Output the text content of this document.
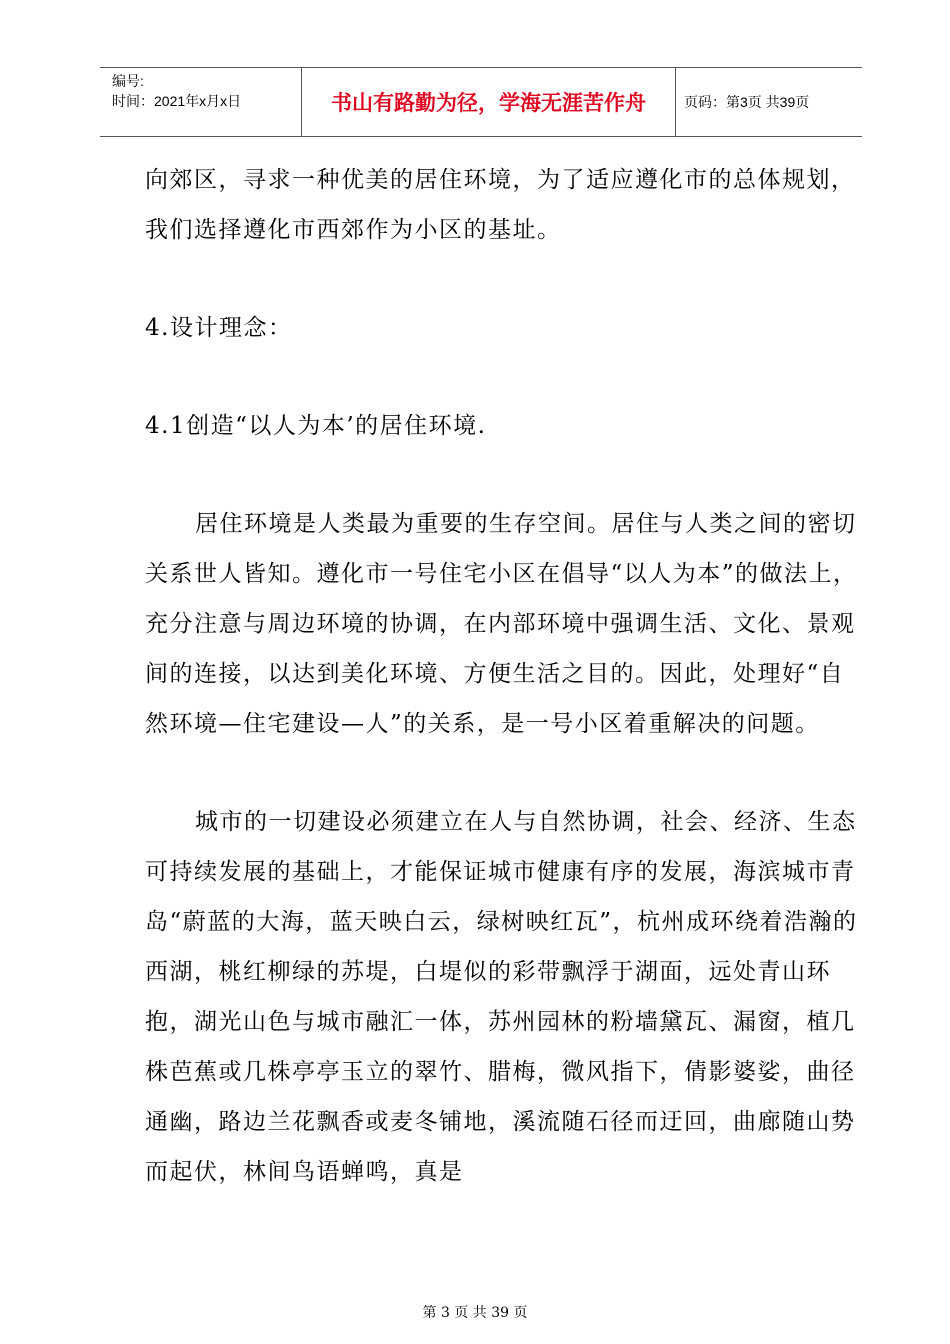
编号:
时间：2021年x月x日	书山有路勤为径，学海无涯苦作舟	页码：第3页 共39页

向郊区，寻求一种优美的居住环境，为了适应遵化市的总体规划，我们选择遵化市西郊作为小区的基址。

4.设计理念：

4.1创造“以人为本’的居住环境.

居住环境是人类最为重要的生存空间。居住与人类之间的密切关系世人皆知。遵化市一号住宅小区在倡导“以人为本”的做法上，充分注意与周边环境的协调，在内部环境中强调生活、文化、景观间的连接，以达到美化环境、方便生活之目的。因此，处理好“自然环境—住宅建设—人”的关系，是一号小区着重解决的问题。

城市的一切建设必须建立在人与自然协调，社会、经济、生态可持续发展的基础上，才能保证城市健康有序的发展，海滨城市青岛“蔚蓝的大海，蓝天映白云，绿树映红瓦”，杭州成环绕着浩瀚的西湖，桃红柳绿的苏堤，白堤似的彩带飘浮于湖面，远处青山环抱，湖光山色与城市融汇一体，苏州园林的粉墙黛瓦、漏窗，植几株芭蕉或几株亭亭玉立的翠竹、腊梅，微风指下，倩影婆娑，曲径通幽，路边兰花飘香或麦冬铺地，溪流随石径而迂回，曲廊随山势而起伏，林间鸟语蝉鸣，真是

第 3 页 共 39 页
